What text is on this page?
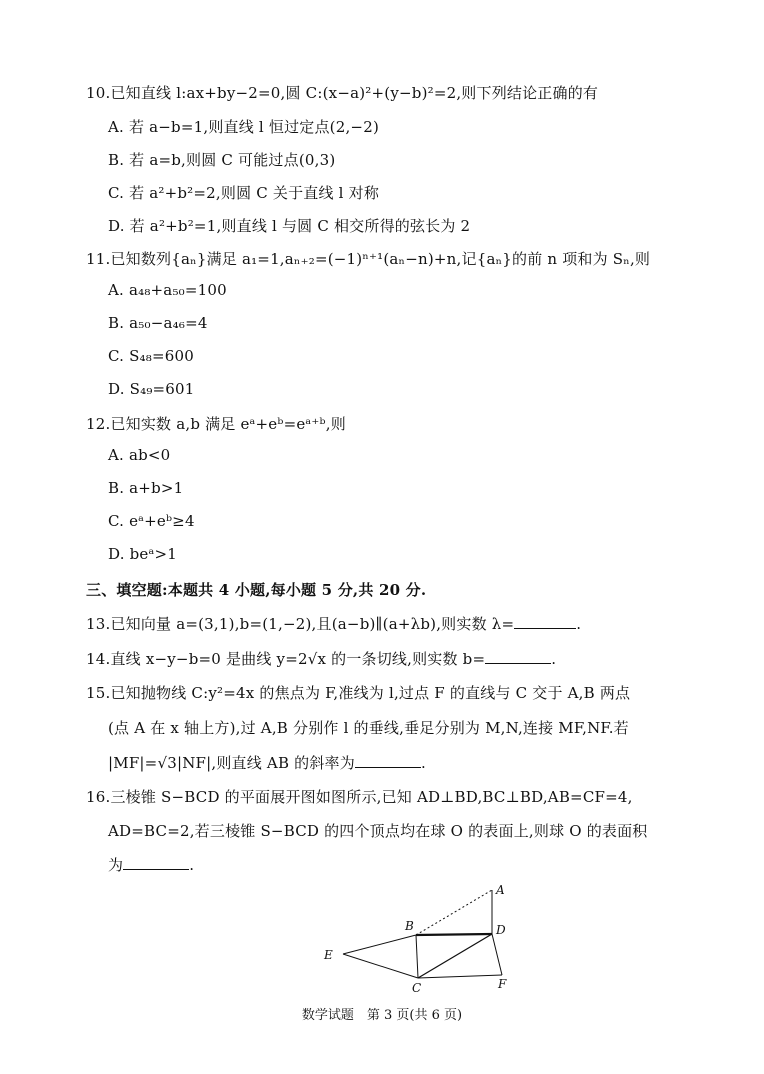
10.已知直线 l:ax+by−2=0,圆 C:(x−a)²+(y−b)²=2,则下列结论正确的有
A. 若 a−b=1,则直线 l 恒过定点(2,−2)
B. 若 a=b,则圆 C 可能过点(0,3)
C. 若 a²+b²=2,则圆 C 关于直线 l 对称
D. 若 a²+b²=1,则直线 l 与圆 C 相交所得的弦长为 2
11.已知数列{aₙ}满足 a₁=1,aₙ₊₂=(−1)ⁿ⁺¹(aₙ−n)+n,记{aₙ}的前 n 项和为 Sₙ,则
A. a₄₈+a₅₀=100
B. a₅₀−a₄₆=4
C. S₄₈=600
D. S₄₉=601
12.已知实数 a,b 满足 eᵃ+eᵇ=eᵃ⁺ᵇ,则
A. ab<0
B. a+b>1
C. eᵃ+eᵇ≥4
D. beᵃ>1
三、填空题:本题共 4 小题,每小题 5 分,共 20 分.
13.已知向量 a=(3,1),b=(1,−2),且(a−b)∥(a+λb),则实数 λ=	.
14.直线 x−y−b=0 是曲线 y=2√x 的一条切线,则实数 b=	.
15.已知抛物线 C:y²=4x 的焦点为 F,准线为 l,过点 F 的直线与 C 交于 A,B 两点
(点 A 在 x 轴上方),过 A,B 分别作 l 的垂线,垂足分别为 M,N,连接 MF,NF.若
|MF|=√3|NF|,则直线 AB 的斜率为	.
16.三棱锥 S−BCD 的平面展开图如图所示,已知 AD⊥BD,BC⊥BD,AB=CF=4,
AD=BC=2,若三棱锥 S−BCD 的四个顶点均在球 O 的表面上,则球 O 的表面积
为	.
A
B
C
D
E
F
数学试题　第 3 页(共 6 页)
